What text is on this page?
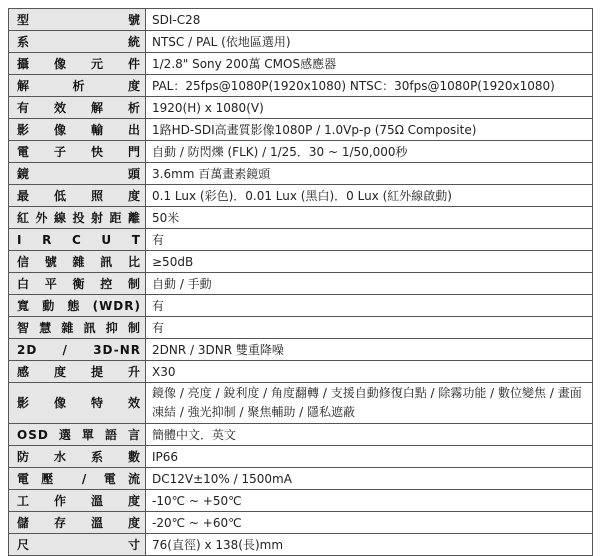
型　　號	SDI-C28
系　　統	NTSC / PAL (依地區選用)
攝 像 元 件	1/2.8" Sony 200萬 CMOS感應器
解 析 度	PAL：25fps@1080P(1920x1080) NTSC：30fps@1080P(1920x1080)
有 效 解 析	1920(H) x 1080(V)
影 像 輸 出	1路HD-SDI高畫質影像1080P / 1.0Vp-p (75Ω Composite)
電 子 快 門	自動 / 防閃爍 (FLK) / 1/25．30 ~ 1/50,000秒
鏡　　頭	3.6mm 百萬畫素鏡頭
最 低 照 度	0.1 Lux (彩色)．0.01 Lux (黑白)．0 Lux (紅外線啟動)
紅外線投射距離	50米
I R C U T	有
信號雜訊比	≥50dB
白 平 衡 控 制	自動 / 手動
寬動態(WDR)	有
智慧雜訊抑制	有
2D / 3D-NR	2DNR / 3DNR 雙重降噪
感 度 提 升	X30
影 像 特 效	鏡像 / 亮度 / 銳利度 / 角度翻轉 / 支援自動修復白點 / 除霧功能 / 數位變焦 / 畫面凍結 / 強光抑制 / 聚焦輔助 / 隱私遮蔽
OSD選單語言	簡體中文．英文
防 水 系 數	IP66
電壓 / 電流	DC12V±10% / 1500mA
工 作 溫 度	-10℃ ~ +50℃
儲 存 溫 度	-20℃ ~ +60℃
尺　　寸	76(直徑) x 138(長)mm
